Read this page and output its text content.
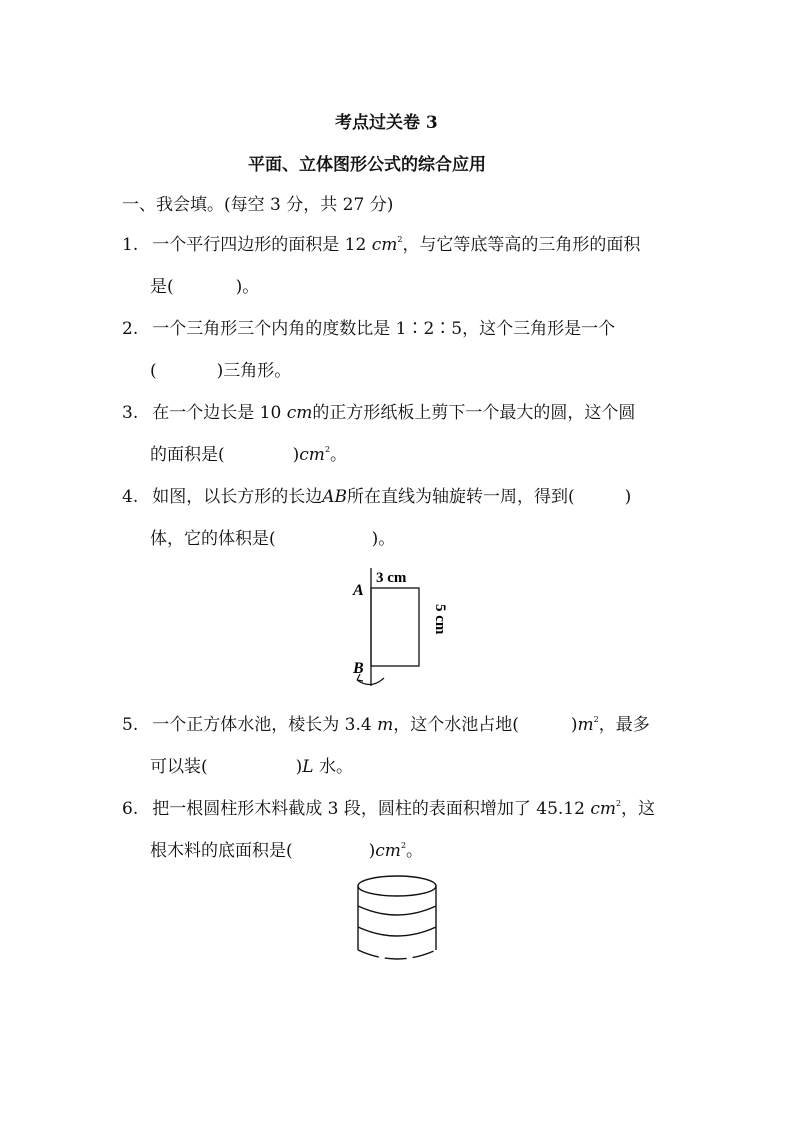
考点过关卷 3
平面、立体图形公式的综合应用
一、我会填。(每空 3 分，共 27 分)
1. 一个平行四边形的面积是 12 $cm^2$，与它等底等高的三角形的面积
是(	)。
2. 一个三角形三个内角的度数比是 1∶2∶5，这个三角形是一个
(	)三角形。
3. 在一个边长是 10 cm的正方形纸板上剪下一个最大的圆，这个圆
的面积是(	)$cm^2$。
4. 如图，以长方形的长边AB所在直线为轴旋转一周，得到(	)
体，它的体积是(	)。
A
B
3 cm
5 cm
5. 一个正方体水池，棱长为 3.4 m，这个水池占地(	)$m^2$，最多
可以装(	)L 水。
6. 把一根圆柱形木料截成 3 段，圆柱的表面积增加了 45.12 $cm^2$，这
根木料的底面积是(	)$cm^2$。
